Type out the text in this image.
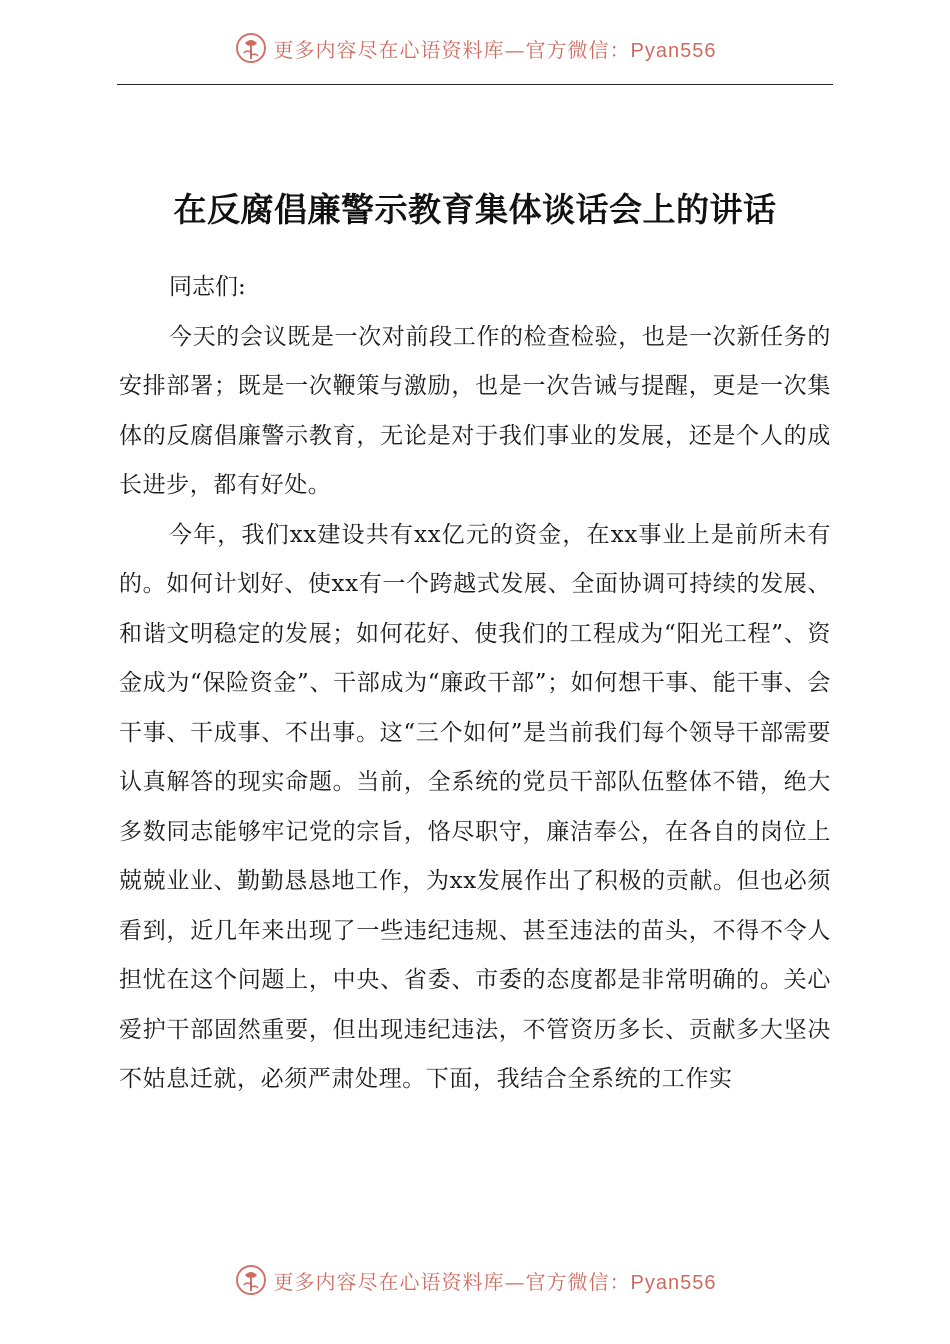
更多内容尽在心语资料库—官方微信：Pyan556
在反腐倡廉警示教育集体谈话会上的讲话

同志们:

今天的会议既是一次对前段工作的检查检验，也是一次新任务的安排部署；既是一次鞭策与激励，也是一次告诫与提醒，更是一次集体的反腐倡廉警示教育，无论是对于我们事业的发展，还是个人的成长进步，都有好处。

今年，我们xx建设共有xx亿元的资金，在xx事业上是前所未有的。如何计划好、使xx有一个跨越式发展、全面协调可持续的发展、和谐文明稳定的发展；如何花好、使我们的工程成为“阳光工程”、资金成为“保险资金”、干部成为“廉政干部”；如何想干事、能干事、会干事、干成事、不出事。这“三个如何”是当前我们每个领导干部需要认真解答的现实命题。当前，全系统的党员干部队伍整体不错，绝大多数同志能够牢记党的宗旨，恪尽职守，廉洁奉公，在各自的岗位上兢兢业业、勤勤恳恳地工作，为xx发展作出了积极的贡献。但也必须看到，近几年来出现了一些违纪违规、甚至违法的苗头，不得不令人担忧在这个问题上，中央、省委、市委的态度都是非常明确的。关心爱护干部固然重要，但出现违纪违法，不管资历多长、贡献多大坚决不姑息迁就，必须严肃处理。下面，我结合全系统的工作实

更多内容尽在心语资料库—官方微信：Pyan556
